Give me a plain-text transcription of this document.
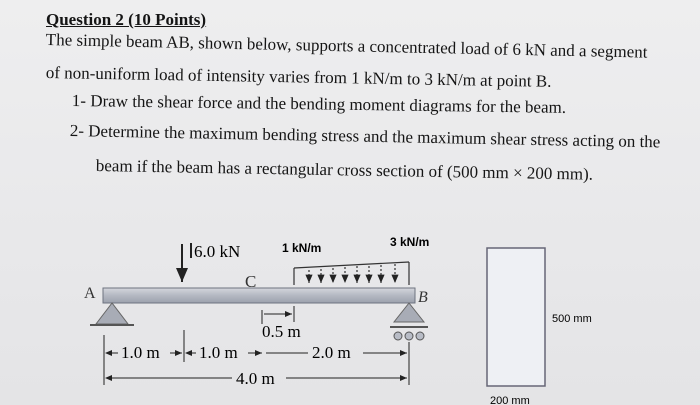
Question 2 (10 Points)
The simple beam AB, shown below, supports a concentrated load of 6 kN and a segment
of non-uniform load of intensity varies from 1 kN/m to 3 kN/m at point B.
1- Draw the shear force and the bending moment diagrams for the beam.
2- Determine the maximum bending stress and the maximum shear stress acting on the
beam if the beam has a rectangular cross section of (500 mm × 200 mm).
A	B
6.0 kN
C
1 kN/m	3 kN/m
0.5 m
1.0 m 1.0 m	2.0 m
4.0 m
500 mm
200 mm
